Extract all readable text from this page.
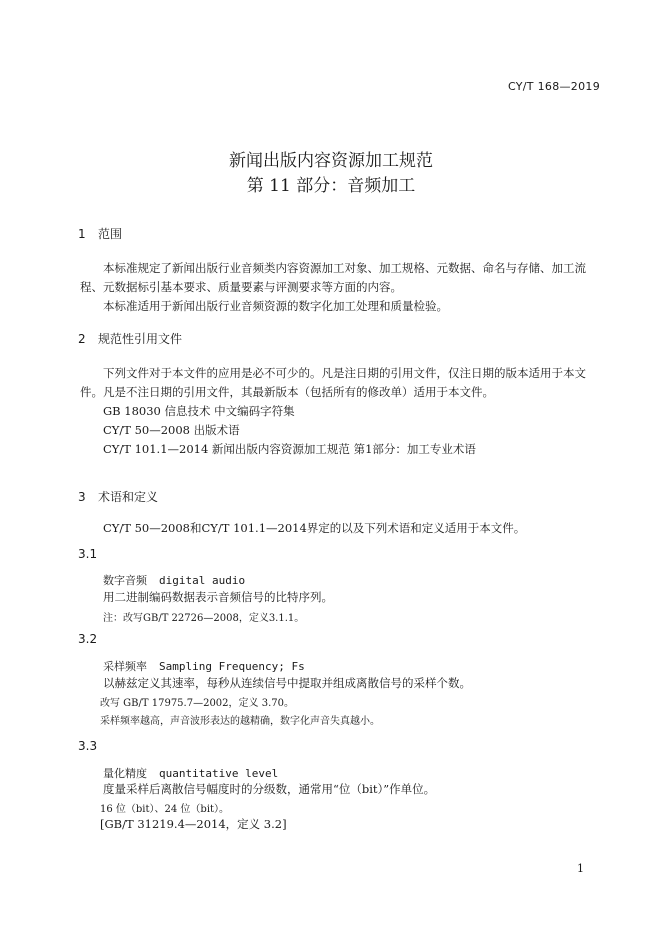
CY/T 168—2019
新闻出版内容资源加工规范
第 11 部分：音频加工
1 范围
本标准规定了新闻出版行业音频类内容资源加工对象、加工规格、元数据、命名与存储、加工流程、元数据标引基本要求、质量要素与评测要求等方面的内容。
本标准适用于新闻出版行业音频资源的数字化加工处理和质量检验。
2 规范性引用文件
下列文件对于本文件的应用是必不可少的。凡是注日期的引用文件，仅注日期的版本适用于本文件。凡是不注日期的引用文件，其最新版本（包括所有的修改单）适用于本文件。
GB 18030 信息技术 中文编码字符集
CY/T 50—2008 出版术语
CY/T 101.1—2014 新闻出版内容资源加工规范 第1部分：加工专业术语
3 术语和定义
CY/T 50—2008和CY/T 101.1—2014界定的以及下列术语和定义适用于本文件。
3.1
数字音频 digital audio
用二进制编码数据表示音频信号的比特序列。
注：改写GB/T 22726—2008，定义3.1.1。
3.2
采样频率 Sampling Frequency; Fs
以赫兹定义其速率，每秒从连续信号中提取并组成离散信号的采样个数。
改写 GB/T 17975.7—2002，定义 3.70。
采样频率越高，声音波形表达的越精确，数字化声音失真越小。
3.3
量化精度 quantitative level
度量采样后离散信号幅度时的分级数，通常用“位（bit）”作单位。
16 位（bit）、24 位（bit）。
[GB/T 31219.4—2014，定义 3.2]
1
